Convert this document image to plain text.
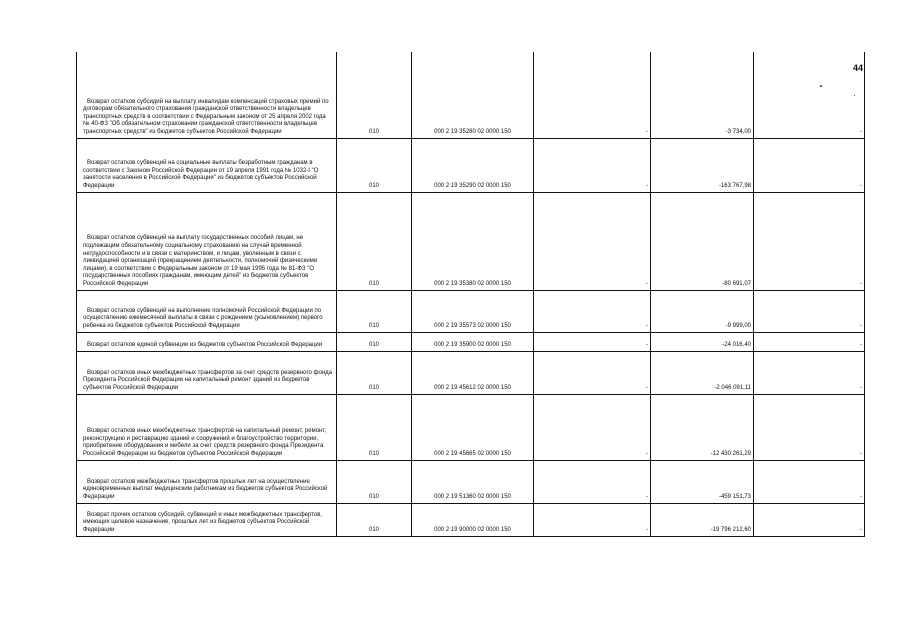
44
Возврат остатков субсидий на выплату инвалидам компенсаций страховых премий по договорам обязательного страхования гражданской ответственности владельцев транспортных средств в соответствии с Федеральным законом от 25 апреля 2002 года № 40-ФЗ "Об обязательном страховании гражданской ответственности владельцев транспортных средств" из бюджетов субъектов Российской Федерации	010	000 2 19 35280 02 0000 150	-	-3 734,00	-
Возврат остатков субвенций на социальные выплаты безработным гражданам в соответствии с Законом Российской Федерации от 19 апреля 1991 года № 1032-I "О занятости населения в Российской Федерации" из бюджетов субъектов Российской Федерации	010	000 2 19 35290 02 0000 150	-	-163 767,98	-
Возврат остатков субвенций на выплату государственных пособий лицам, не подлежащим обязательному социальному страхованию на случай временной нетрудоспособности и в связи с материнством, и лицам, уволенным в связи с ликвидацией организаций (прекращением деятельности, полномочий физическими лицами), в соответствии с Федеральным законом от 19 мая 1995 года № 81-ФЗ "О государственных пособиях гражданам, имеющим детей" из бюджетов субъектов Российской Федерации	010	000 2 19 35380 02 0000 150	-	-80 691,07	-
Возврат остатков субвенций на выполнение полномочий Российской Федерации по осуществлению ежемесячной выплаты в связи с рождением (усыновлением) первого ребенка из бюджетов субъектов Российской Федерации	010	000 2 19 35573 02 0000 150	-	-9 999,00	-
Возврат остатков единой субвенции из бюджетов субъектов Российской Федерации	010	000 2 19 35900 02 0000 150	-	-24 016,40	-
Возврат остатков иных межбюджетных трансфертов за счет средств резервного фонда Президента Российской Федерации на капитальный ремонт зданий из бюджетов субъектов Российской Федерации	010	000 2 19 45612 02 0000 150	-	-2 046 091,11	-
Возврат остатков иных межбюджетных трансфертов на капитальный ремонт, ремонт, реконструкцию и реставрацию зданий и сооружений и благоустройство территории, приобретение оборудования и мебели за счет средств резервного фонда Президента Российской Федерации из бюджетов субъектов Российской Федерации	010	000 2 19 45665 02 0000 150	-	-12 430 261,29	-
Возврат остатков межбюджетных трансфертов прошлых лет на осуществление единовременных выплат медицинским работникам из бюджетов субъектов Российской Федерации	010	000 2 19 51360 02 0000 150	-	-459 151,73	-
Возврат прочих остатков субсидий, субвенций и иных межбюджетных трансфертов, имеющих целевое назначение, прошлых лет из бюджетов субъектов Российской Федерации	010	000 2 19 90000 02 0000 150	-	-19 796 212,60	-
